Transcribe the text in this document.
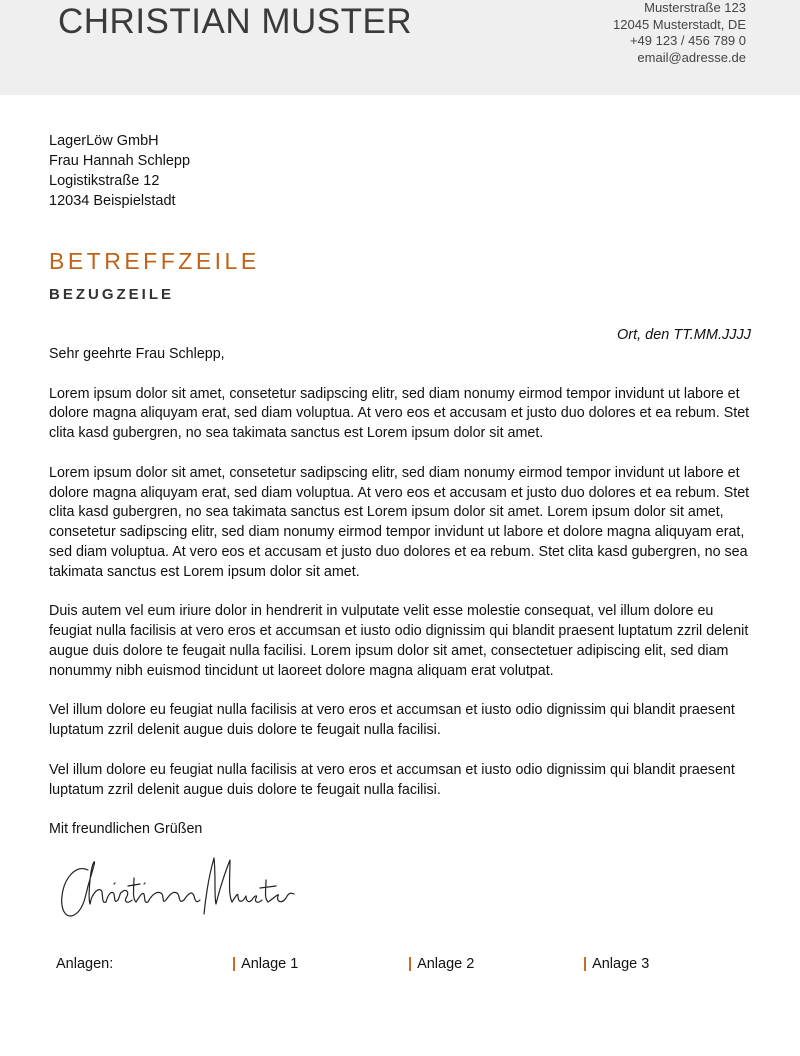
CHRISTIAN MUSTER	Musterstraße 123
12045 Musterstadt, DE
+49 123 / 456 789 0
email@adresse.de
LagerLöw GmbH
Frau Hannah Schlepp
Logistikstraße 12
12034 Beispielstadt
BETREFFZEILE
BEZUGZEILE
Ort, den TT.MM.JJJJ

Sehr geehrte Frau Schlepp,

Lorem ipsum dolor sit amet, consetetur sadipscing elitr, sed diam nonumy eirmod tempor invidunt ut labore et dolore magna aliquyam erat, sed diam voluptua. At vero eos et accusam et justo duo dolores et ea rebum. Stet clita kasd gubergren, no sea takimata sanctus est Lorem ipsum dolor sit amet.

Lorem ipsum dolor sit amet, consetetur sadipscing elitr, sed diam nonumy eirmod tempor invidunt ut labore et dolore magna aliquyam erat, sed diam voluptua. At vero eos et accusam et justo duo dolores et ea rebum. Stet clita kasd gubergren, no sea takimata sanctus est Lorem ipsum dolor sit amet. Lorem ipsum dolor sit amet, consetetur sadipscing elitr, sed diam nonumy eirmod tempor invidunt ut labore et dolore magna aliquyam erat, sed diam voluptua. At vero eos et accusam et justo duo dolores et ea rebum. Stet clita kasd gubergren, no sea takimata sanctus est Lorem ipsum dolor sit amet.

Duis autem vel eum iriure dolor in hendrerit in vulputate velit esse molestie consequat, vel illum dolore eu feugiat nulla facilisis at vero eros et accumsan et iusto odio dignissim qui blandit praesent luptatum zzril delenit augue duis dolore te feugait nulla facilisi. Lorem ipsum dolor sit amet, consectetuer adipiscing elit, sed diam nonummy nibh euismod tincidunt ut laoreet dolore magna aliquam erat volutpat.

Vel illum dolore eu feugiat nulla facilisis at vero eros et accumsan et iusto odio dignissim qui blandit praesent luptatum zzril delenit augue duis dolore te feugait nulla facilisi.

Vel illum dolore eu feugiat nulla facilisis at vero eros et accumsan et iusto odio dignissim qui blandit praesent luptatum zzril delenit augue duis dolore te feugait nulla facilisi.

Mit freundlichen Grüßen

Anlagen:	| Anlage 1	| Anlage 2	| Anlage 3
